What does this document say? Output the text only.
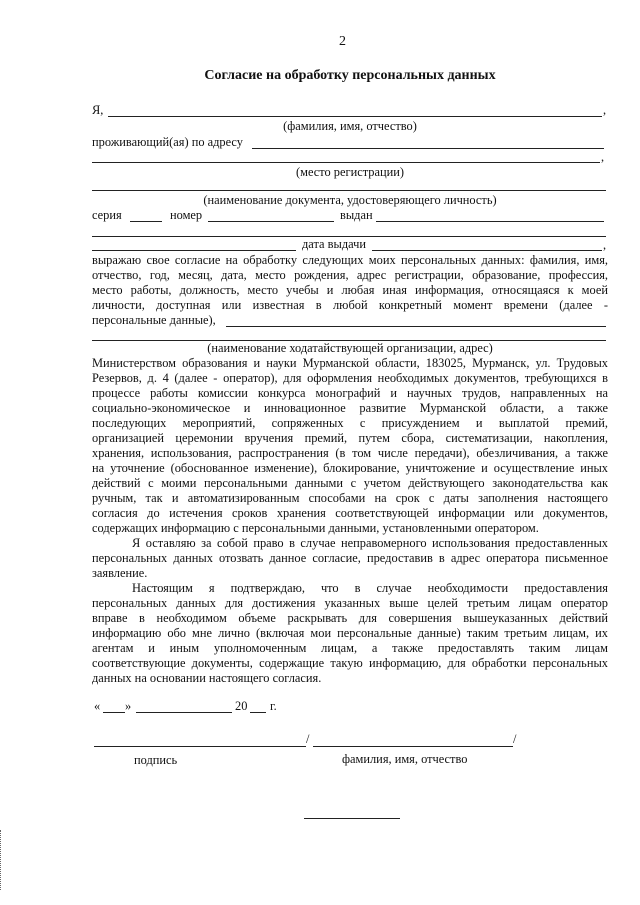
2
Согласие на обработку персональных данных
Я,	,
(фамилия, имя, отчество)
проживающий(ая) по адресу
,
(место регистрации)
(наименование документа, удостоверяющего личность)
серия	номер	выдан
дата выдачи	,
выражаю свое согласие на обработку следующих моих персональных данных: фамилия, имя,
отчество, год, месяц, дата, место рождения, адрес регистрации, образование, профессия,
место работы, должность, место учебы и любая иная информация, относящаяся к моей
личности, доступная или известная в любой конкретный момент времени (далее -
персональные данные),
(наименование ходатайствующей организации, адрес)
Министерством образования и науки Мурманской области, 183025, Мурманск, ул. Трудовых
Резервов, д. 4 (далее - оператор), для оформления необходимых документов, требующихся в
процессе работы комиссии конкурса монографий и научных трудов, направленных на
социально-экономическое и инновационное развитие Мурманской области, а также
последующих мероприятий, сопряженных с присуждением и выплатой премий,
организацией церемонии вручения премий, путем сбора, систематизации, накопления,
хранения, использования, распространения (в том числе передачи), обезличивания, а также
на уточнение (обоснованное изменение), блокирование, уничтожение и осуществление иных
действий с моими персональными данными с учетом действующего законодательства как
ручным, так и автоматизированным способами на срок с даты заполнения настоящего
согласия до истечения сроков хранения соответствующей информации или документов,
содержащих информацию с персональными данными, установленными оператором.
Я оставляю за собой право в случае неправомерного использования предоставленных
персональных данных отозвать данное согласие, предоставив в адрес оператора письменное
заявление.
Настоящим я подтверждаю, что в случае необходимости предоставления
персональных данных для достижения указанных выше целей третьим лицам оператор
вправе в необходимом объеме раскрывать для совершения вышеуказанных действий
информацию обо мне лично (включая мои персональные данные) таким третьим лицам, их
агентам и иным уполномоченным лицам, а также предоставлять таким лицам
соответствующие документы, содержащие такую информацию, для обработки персональных
данных на основании настоящего согласия.
« »	20 г.
/	/
подпись	фамилия, имя, отчество
